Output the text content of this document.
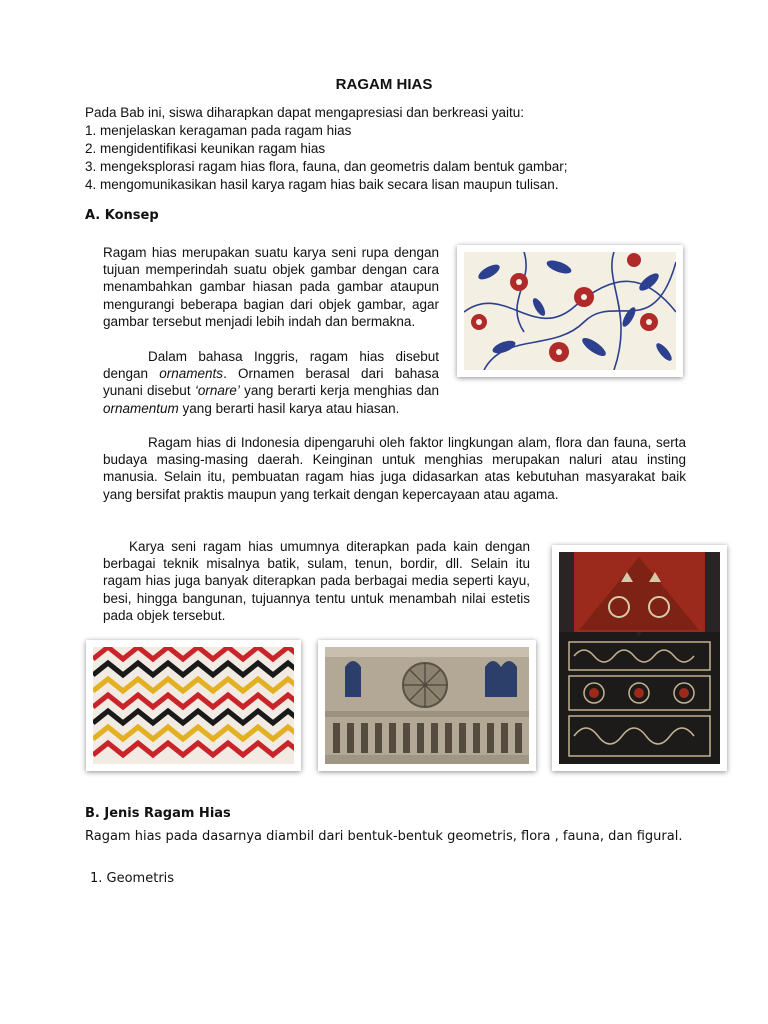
RAGAM HIAS
Pada Bab ini, siswa diharapkan dapat mengapresiasi dan berkreasi yaitu:
1. menjelaskan keragaman pada ragam hias
2. mengidentifikasi keunikan ragam hias
3. mengeksplorasi ragam hias flora, fauna, dan geometris dalam bentuk gambar;
4. mengomunikasikan hasil karya ragam hias baik secara lisan maupun tulisan.
A. Konsep
Ragam hias merupakan suatu karya seni rupa dengan tujuan memperindah suatu objek gambar dengan cara menambahkan gambar hiasan pada gambar ataupun mengurangi beberapa bagian dari objek gambar, agar gambar tersebut menjadi lebih indah dan bermakna.
Dalam bahasa Inggris, ragam hias disebut dengan ornaments. Ornamen berasal dari bahasa yunani disebut ‘ornare’ yang berarti kerja menghias dan ornamentum yang berarti hasil karya atau hiasan.
Ragam hias di Indonesia dipengaruhi oleh faktor lingkungan alam, flora dan fauna, serta budaya masing-masing daerah. Keinginan untuk menghias merupakan naluri atau insting manusia. Selain itu, pembuatan ragam hias juga didasarkan atas kebutuhan masyarakat baik yang bersifat praktis maupun yang terkait dengan kepercayaan atau agama.
Karya seni ragam hias umumnya diterapkan pada kain dengan berbagai teknik misalnya batik, sulam, tenun, bordir, dll. Selain itu ragam hias juga banyak diterapkan pada berbagai media seperti kayu, besi, hingga bangunan, tujuannya tentu untuk menambah nilai estetis pada objek tersebut.
B. Jenis Ragam Hias
Ragam hias pada dasarnya diambil dari bentuk-bentuk geometris, flora , fauna, dan figural.
1. Geometris
